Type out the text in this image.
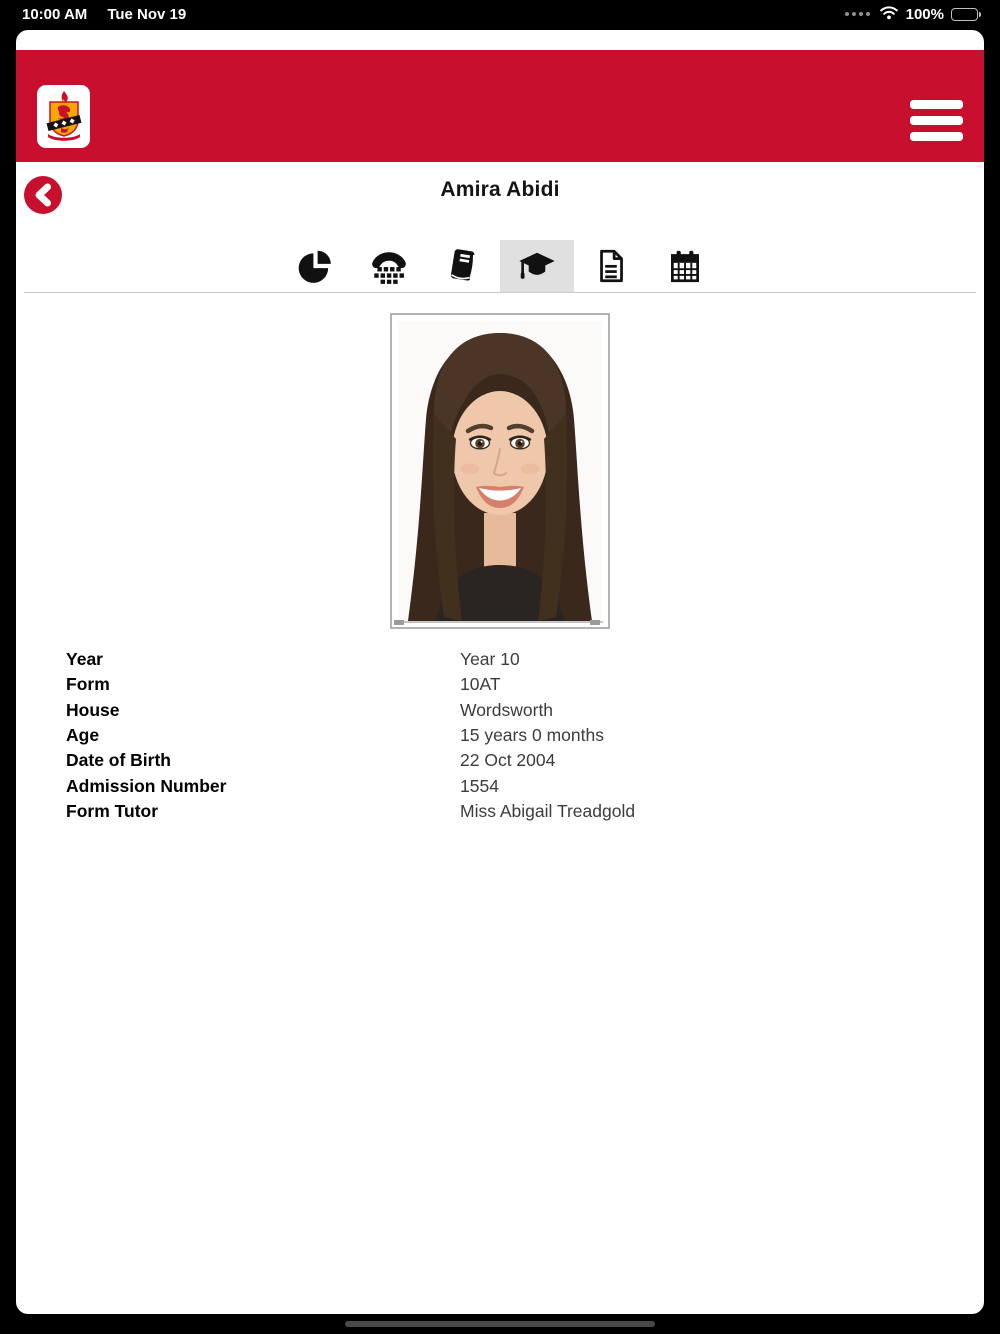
10:00 AM Tue Nov 19	100%
Amira Abidi
Year	Year 10
Form	10AT
House	Wordsworth
Age	15 years 0 months
Date of Birth	22 Oct 2004
Admission Number	1554
Form Tutor	Miss Abigail Treadgold
